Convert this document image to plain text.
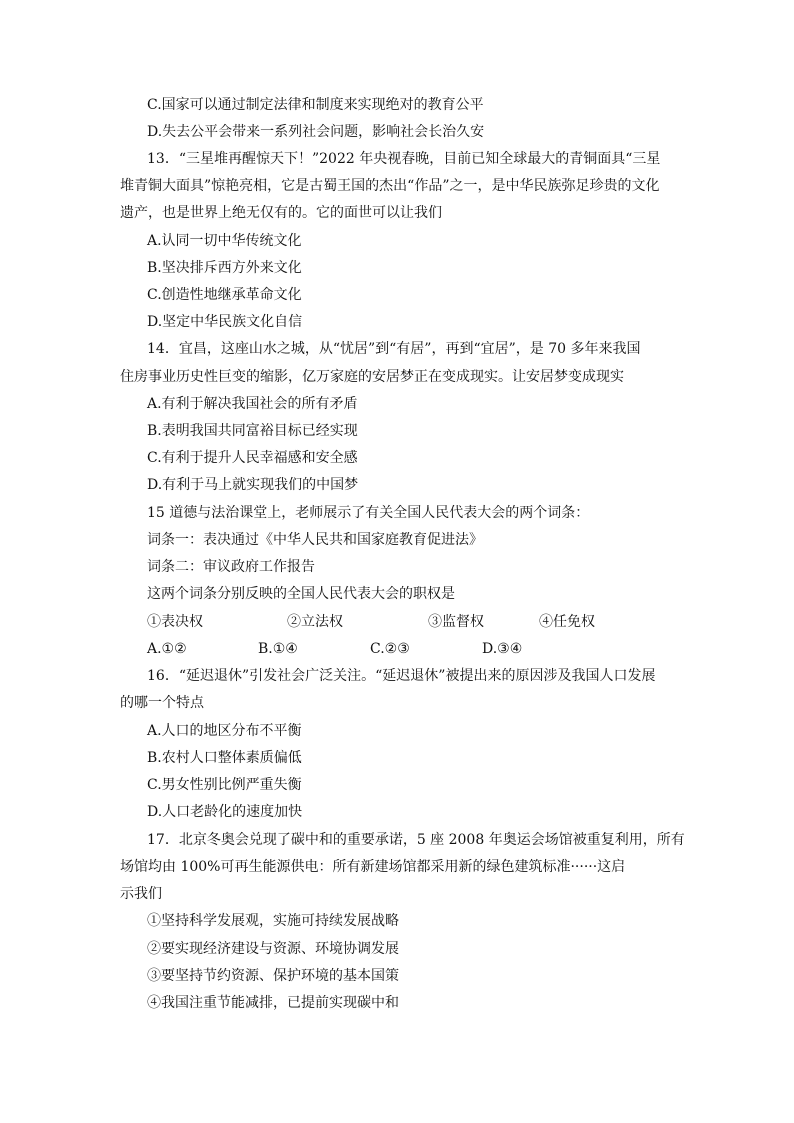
C.国家可以通过制定法律和制度来实现绝对的教育公平

D.失去公平会带来一系列社会问题，影响社会长治久安

13．“三星堆再醒惊天下！”2022 年央视春晚，目前已知全球最大的青铜面具“三星

堆青铜大面具”惊艳亮相，它是古蜀王国的杰出“作品”之一，是中华民族弥足珍贵的文化

遗产，也是世界上绝无仅有的。它的面世可以让我们

A.认同一切中华传统文化

B.坚决排斥西方外来文化

C.创造性地继承革命文化

D.坚定中华民族文化自信

14．宜昌，这座山水之城，从“忧居”到“有居”，再到“宜居”，是 70 多年来我国

住房事业历史性巨变的缩影，亿万家庭的安居梦正在变成现实。让安居梦变成现实

A.有利于解决我国社会的所有矛盾

B.表明我国共同富裕目标已经实现

C.有利于提升人民幸福感和安全感

D.有利于马上就实现我们的中国梦

15 道德与法治课堂上，老师展示了有关全国人民代表大会的两个词条：

词条一：表决通过《中华人民共和国家庭教育促进法》

词条二：审议政府工作报告

这两个词条分别反映的全国人民代表大会的职权是

①表决权	②立法权	③监督权	④任免权
A.①②	B.①④	C.②③	D.③④

16．“延迟退休”引发社会广泛关注。“延迟退休”被提出来的原因涉及我国人口发展

的哪一个特点

A.人口的地区分布不平衡

B.农村人口整体素质偏低

C.男女性别比例严重失衡

D.人口老龄化的速度加快

17．北京冬奥会兑现了碳中和的重要承诺，5 座 2008 年奥运会场馆被重复利用，所有

场馆均由 100%可再生能源供电：所有新建场馆都采用新的绿色建筑标准······这启

示我们

①坚持科学发展观，实施可持续发展战略

②要实现经济建设与资源、环境协调发展

③要坚持节约资源、保护环境的基本国策

④我国注重节能减排，已提前实现碳中和
